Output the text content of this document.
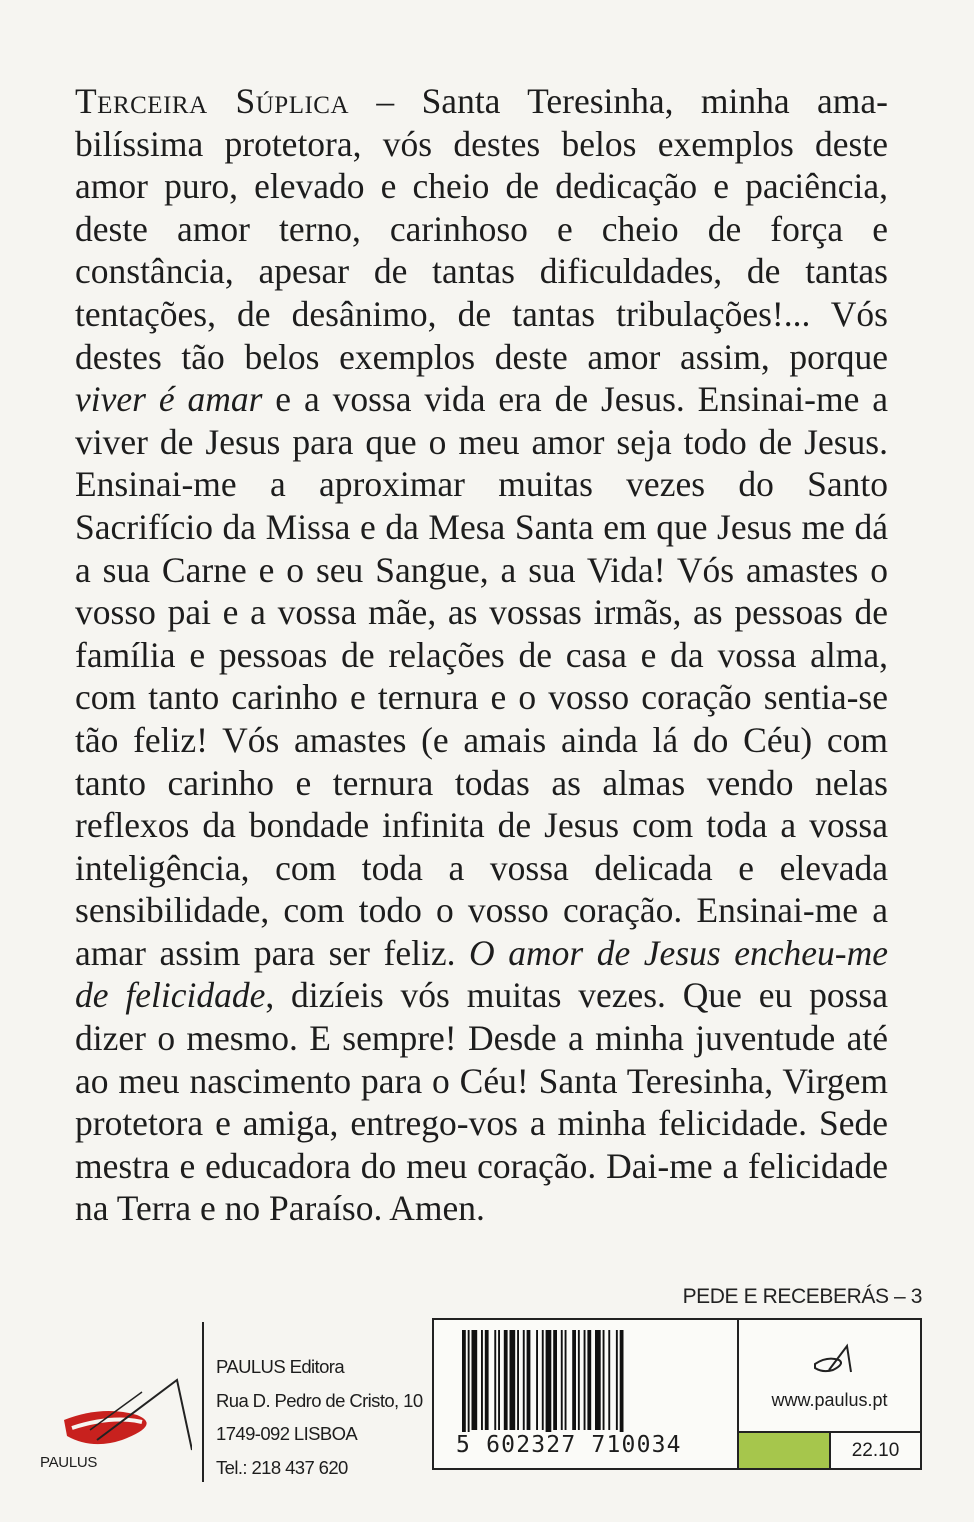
Terceira Súplica – Santa Teresinha, minha amabilíssima protetora, vós destes belos exemplos deste amor puro, elevado e cheio de dedicação e paciência, deste amor terno, carinhoso e cheio de força e constância, apesar de tantas dificuldades, de tantas tentações, de desânimo, de tantas tribulações!... Vós destes tão belos exemplos deste amor assim, porque viver é amar e a vossa vida era de Jesus. Ensinai-me a viver de Jesus para que o meu amor seja todo de Jesus. Ensinai-me a aproximar muitas vezes do Santo Sacrifício da Missa e da Mesa Santa em que Jesus me dá a sua Carne e o seu Sangue, a sua Vida! Vós amastes o vosso pai e a vossa mãe, as vossas irmãs, as pessoas de família e pessoas de relações de casa e da vossa alma, com tanto carinho e ternura e o vosso coração sentia-se tão feliz! Vós amastes (e amais ainda lá do Céu) com tanto carinho e ternura todas as almas vendo nelas reflexos da bondade infinita de Jesus com toda a vossa inteligência, com toda a vossa delicada e elevada sensibilidade, com todo o vosso coração. Ensinai-me a amar assim para ser feliz. O amor de Jesus encheu-me de felicidade, dizíeis vós muitas vezes. Que eu possa dizer o mesmo. E sempre! Desde a minha juventude até ao meu nascimento para o Céu! Santa Teresinha, Virgem protetora e amiga, entrego-vos a minha felicidade. Sede mestra e educadora do meu coração. Dai-me a felicidade na Terra e no Paraíso. Amen.
PEDE E RECEBERÁS – 3
PAULUS
PAULUS Editora
Rua D. Pedro de Cristo, 10
1749-092 LISBOA
Tel.: 218 437 620
5 602327 710034
www.paulus.pt
22.10
